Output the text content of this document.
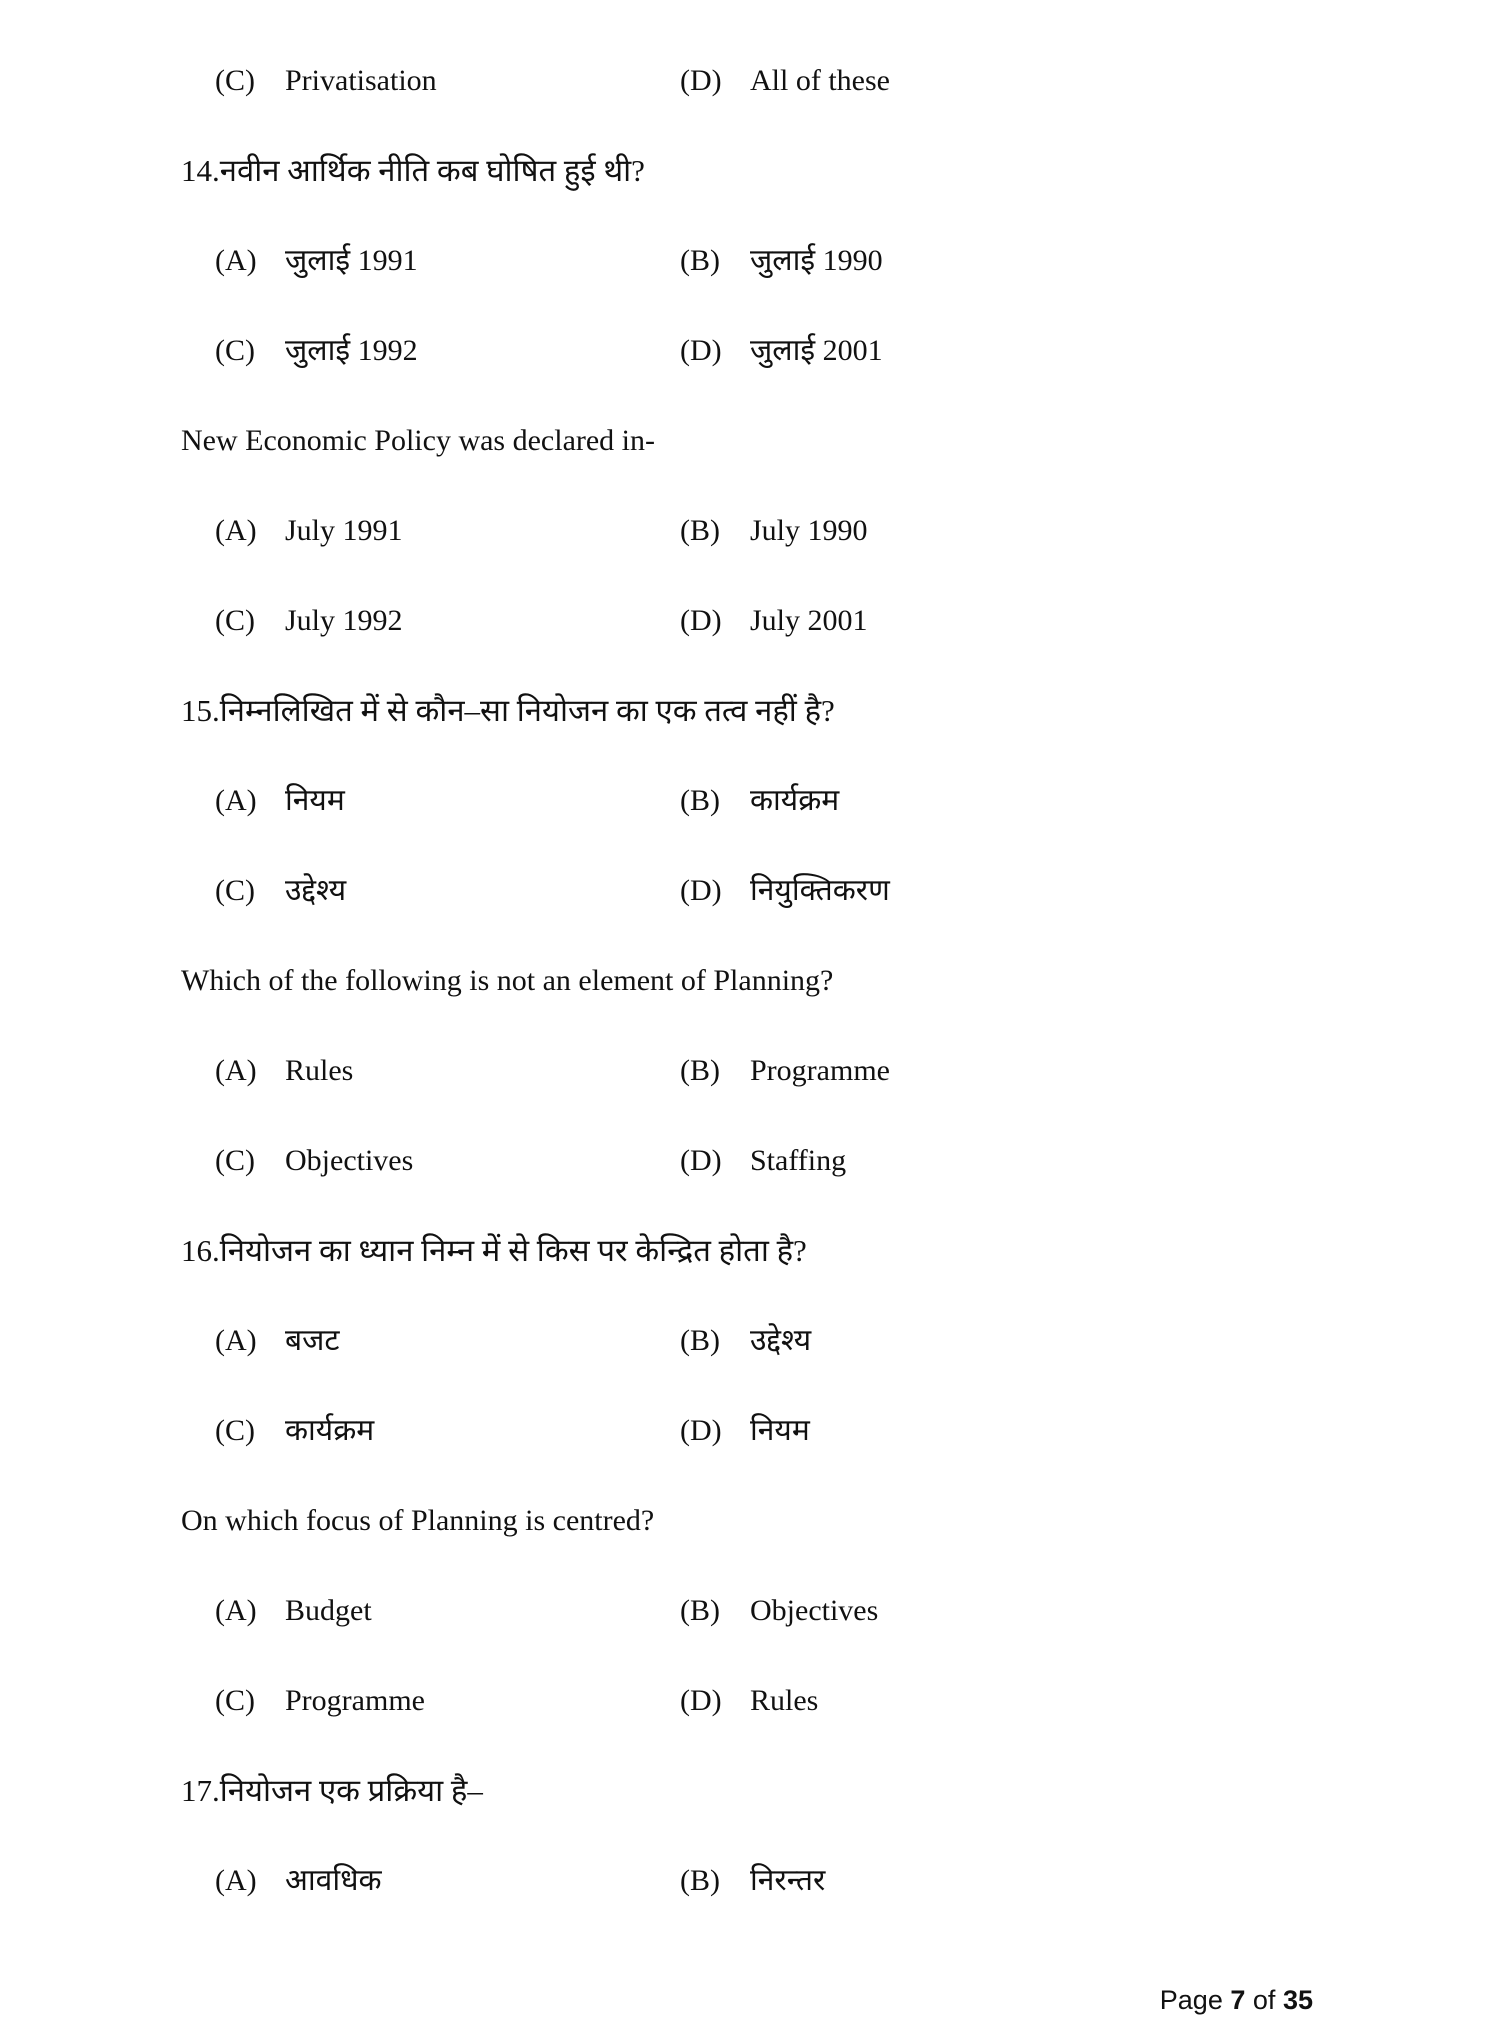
(C)	Privatisation	(D) All of these
14.नवीन आर्थिक नीति कब घोषित हुई थी?
(A) जुलाई 1991	(B)	जुलाई 1990
(C)	जुलाई 1992	(D) जुलाई 2001
New Economic Policy was declared in-
(A) July 1991	(B)	July 1990
(C)	July 1992	(D) July 2001
15.निम्नलिखित में से कौन–सा नियोजन का एक तत्व नहीं है?
(A) नियम	(B)	कार्यक्रम
(C)	उद्देश्य	(D) नियुक्तिकरण
Which of the following is not an element of Planning?
(A) Rules	(B)	Programme
(C)	Objectives	(D) Staffing
16.नियोजन का ध्यान निम्न में से किस पर केन्द्रित होता है?
(A) बजट	(B)	उद्देश्य
(C)	कार्यक्रम	(D) नियम
On which focus of Planning is centred?
(A) Budget	(B)	Objectives
(C)	Programme	(D) Rules
17.नियोजन एक प्रक्रिया है–
(A) आवधिक	(B)	निरन्तर
Page 7 of 35
